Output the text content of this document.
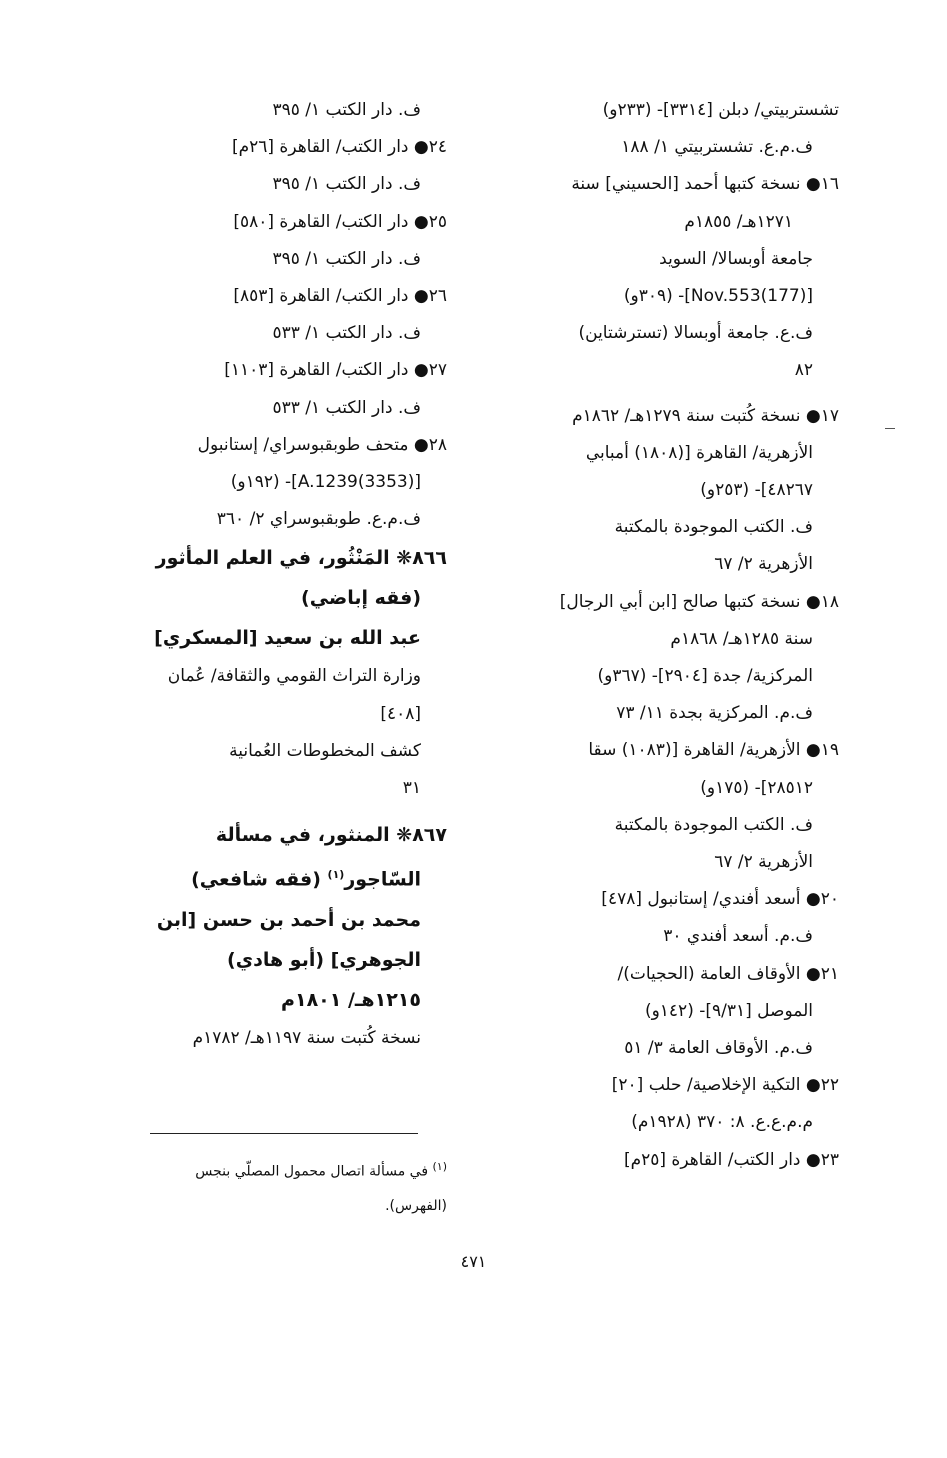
تشستربيتي/ دبلن [٣٣١٤]- (٢٣٣و)
ف.م.ع. تشستربيتي ١/ ١٨٨
١٦● نسخة كتبها أحمد [الحسيني] سنة
١٢٧١هـ/ ١٨٥٥م
جامعة أوبسالا/ السويد
[Nov.553(177)]- (٣٠٩و)
ف.ع. جامعة أوبسالا (تسترشتاين)
٨٢
١٧● نسخة كُتبت سنة ١٢٧٩هـ/ ١٨٦٢م
الأزهرية/ القاهرة [(١٨٠٨) أمبابي
٤٨٢٦٧]- (٢٥٣و)
ف. الكتب الموجودة بالمكتبة
الأزهرية ٢/ ٦٧
١٨● نسخة كتبها صالح [ابن أبي الرجال]
سنة ١٢٨٥هـ/ ١٨٦٨م
المركزية/ جدة [٢٩٠٤]- (٣٦٧و)
ف.م. المركزية بجدة ١١/ ٧٣
١٩● الأزهرية/ القاهرة [(١٠٨٣) سقا
٢٨٥١٢]- (١٧٥و)
ف. الكتب الموجودة بالمكتبة
الأزهرية ٢/ ٦٧
٢٠● أسعد أفندي/ إستانبول [٤٧٨]
ف.م. أسعد أفندي ٣٠
٢١● الأوقاف العامة (الحجيات)/
الموصل [٩/٣١]- (١٤٢و)
ف.م. الأوقاف العامة ٣/ ٥١
٢٢● التكية الإخلاصية/ حلب [٢٠]
م.م.ع.ع. ٨: ٣٧٠ (١٩٢٨م)
٢٣● دار الكتب/ القاهرة [٢٥م]
ف. دار الكتب ١/ ٣٩٥
٢٤● دار الكتب/ القاهرة [٢٦م]
ف. دار الكتب ١/ ٣٩٥
٢٥● دار الكتب/ القاهرة [٥٨٠]
ف. دار الكتب ١/ ٣٩٥
٢٦● دار الكتب/ القاهرة [٨٥٣]
ف. دار الكتب ١/ ٥٣٣
٢٧● دار الكتب/ القاهرة [١١٠٣]
ف. دار الكتب ١/ ٥٣٣
٢٨● متحف طوبقبوسراي/ إستانبول
[A.1239(3353)]- (١٩٢و)
ف.م.ع. طوبقبوسراي ٢/ ٣٦٠
٨٦٦❋ المَنْثُور، في العلم المأثور
(فقه إباضي)
عبد الله بن سعيد [المسكري]
وزارة التراث القومي والثقافة/ عُمان
[٤٠٨]
كشف المخطوطات العُمانية
٣١
٨٦٧❋ المنثور، في مسألة
السّاجور$^{(١)}$ (فقه شافعي)
محمد بن أحمد بن حسن [ابن
الجوهري] (أبو هادي)
١٢١٥هـ/ ١٨٠١م
نسخة كُتبت سنة ١١٩٧هـ/ ١٧٨٢م
$^{(١)}$ في مسألة اتصال محمول المصلّي بنجس
(الفهرس).
٤٧١
